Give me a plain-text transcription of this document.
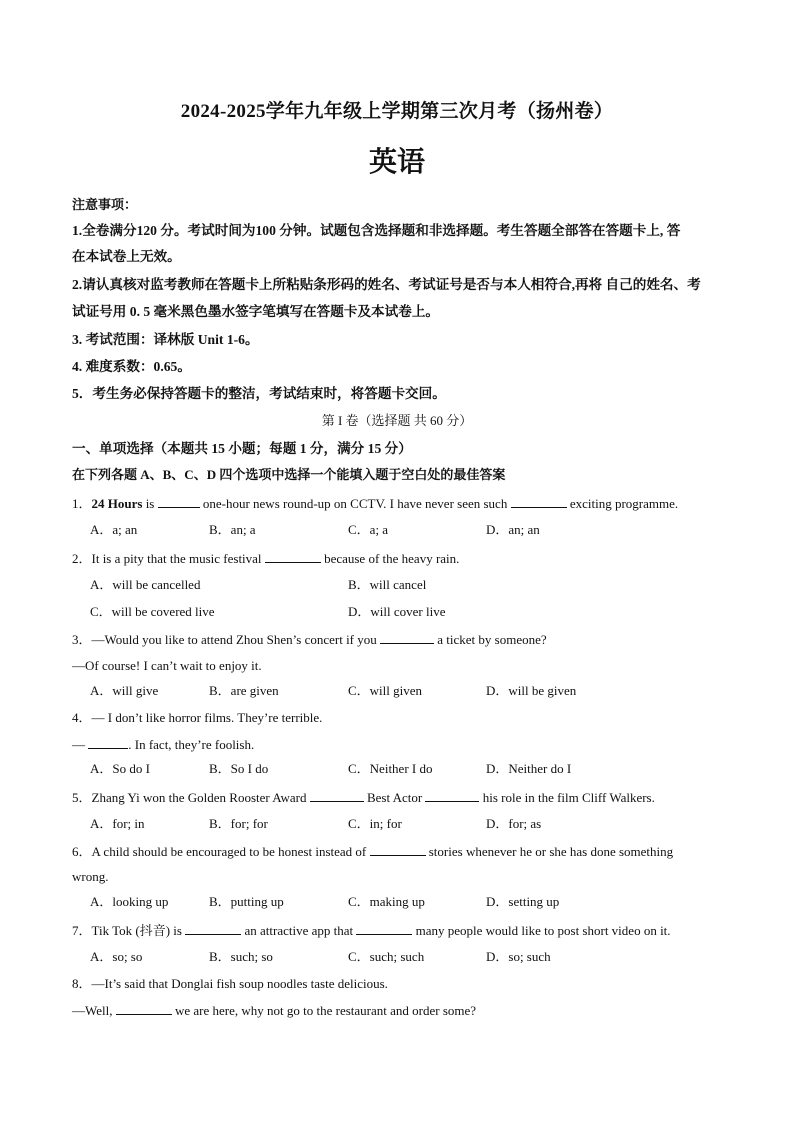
2024-2025学年九年级上学期第三次月考（扬州卷）
英语
注意事项：
1.全卷满分120 分。考试时间为100 分钟。试题包含选择题和非选择题。考生答题全部答在答题卡上, 答
在本试卷上无效。
2.请认真核对监考教师在答题卡上所粘贴条形码的姓名、考试证号是否与本人相符合,再将 自己的姓名、考
试证号用 0. 5 毫米黑色墨水签字笔填写在答题卡及本试卷上。
3. 考试范围：译林版 Unit 1-6。
4. 难度系数：0.65。
5．考生务必保持答题卡的整洁，考试结束时，将答题卡交回。
第 I 卷（选择题 共 60 分）
一、单项选择（本题共 15 小题；每题 1 分，满分 15 分）
在下列各题 A、B、C、D 四个选项中选择一个能填入题于空白处的最佳答案
1．24 Hours is	one-hour news round-up on CCTV. I have never seen such	exciting programme.
A．a; an	B．an; a	C．a; a	D．an; an
2．It is a pity that the music festival	because of the heavy rain.
A．will be cancelled	B．will cancel
C．will be covered live	D．will cover live
3．—Would you like to attend Zhou Shen’s concert if you	a ticket by someone?
—Of course! I can’t wait to enjoy it.
A．will give	B．are given	C．will given	D．will be given
4．— I don’t like horror films. They’re terrible.
—	. In fact, they’re foolish.
A．So do I	B．So I do	C．Neither I do	D．Neither do I
5．Zhang Yi won the Golden Rooster Award	Best Actor	his role in the film Cliff Walkers.
A．for; in	B．for; for	C．in; for	D．for; as
6．A child should be encouraged to be honest instead of	stories whenever he or she has done something
wrong.
A．looking up	B．putting up	C．making up	D．setting up
7．Tik Tok (抖音) is	an attractive app that	many people would like to post short video on it.
A．so; so	B．such; so	C．such; such	D．so; such
8．—It’s said that Donglai fish soup noodles taste delicious.
—Well,	we are here, why not go to the restaurant and order some?
